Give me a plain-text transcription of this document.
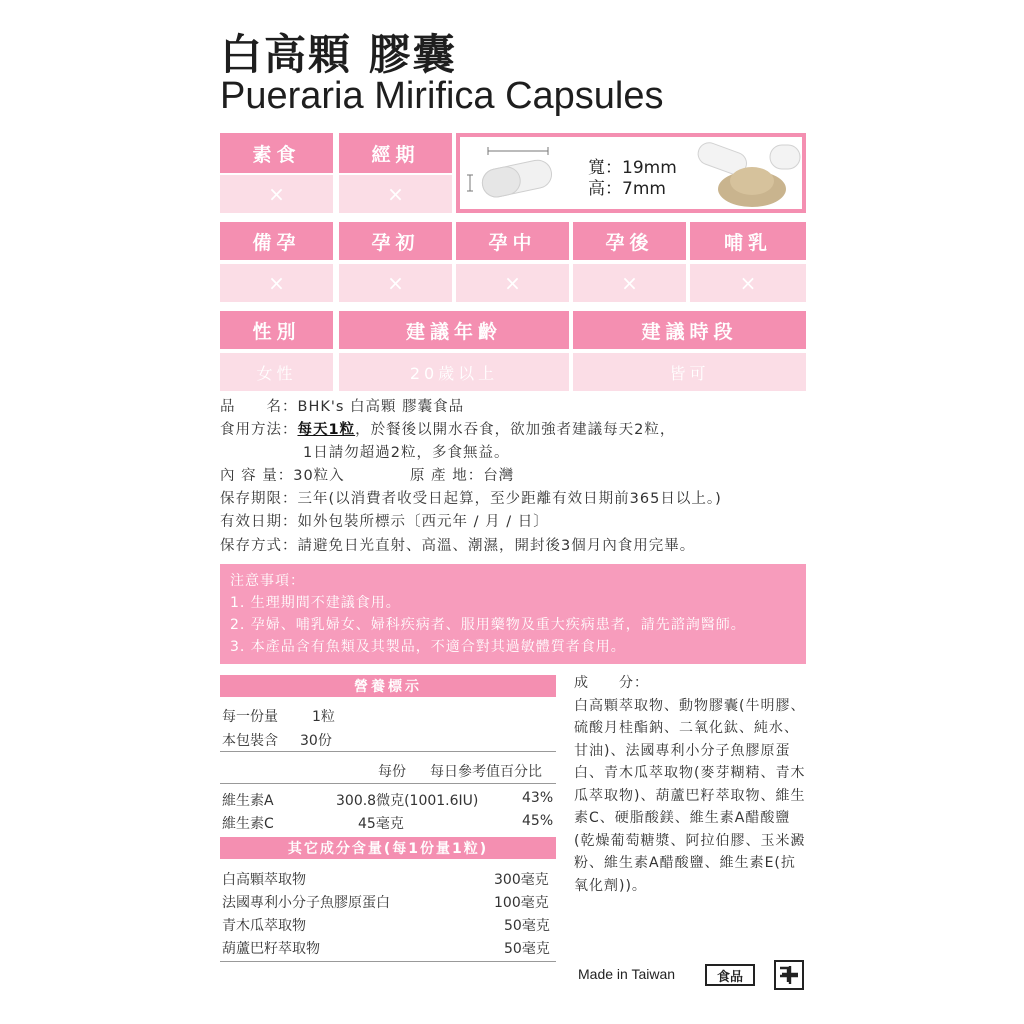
白高顆 膠囊
Pueraria Mirifica Capsules
素食	經期
×	×
寬：19mm
高：7mm
備孕	孕初	孕中	孕後	哺乳
×	×	×	×	×
性別	建議年齡	建議時段
女性	20歲以上	皆可
品　　名：BHK's 白高顆 膠囊食品
食用方法：每天1粒，於餐後以開水吞食，欲加強者建議每天2粒，
1日請勿超過2粒，多食無益。
內 容 量：30粒入	原 產 地：台灣
保存期限：三年(以消費者收受日起算，至少距離有效日期前365日以上。)
有效日期：如外包裝所標示〔西元年 / 月 / 日〕
保存方式：請避免日光直射、高溫、潮濕，開封後3個月內食用完畢。
注意事項：
1. 生理期間不建議食用。
2. 孕婦、哺乳婦女、婦科疾病者、服用藥物及重大疾病患者，請先諮詢醫師。
3. 本產品含有魚類及其製品，不適合對其過敏體質者食用。
營養標示
每一份量 1粒
本包裝含 30份
每份 每日參考值百分比
維生素A	300.8微克(1001.6IU)	43%
維生素C	45毫克	45%
其它成分含量(每1份量1粒)
白高顆萃取物	300毫克
法國專利小分子魚膠原蛋白	100毫克
青木瓜萃取物	50毫克
葫蘆巴籽萃取物	50毫克
成　　分：
白高顆萃取物、動物膠囊(牛明膠、硫酸月桂酯鈉、二氧化鈦、純水、甘油)、法國專利小分子魚膠原蛋白、青木瓜萃取物(麥芽糊精、青木瓜萃取物)、葫蘆巴籽萃取物、維生素C、硬脂酸鎂、維生素A醋酸鹽(乾燥葡萄糖漿、阿拉伯膠、玉米澱粉、維生素A醋酸鹽、維生素E(抗氧化劑))。
Made in Taiwan	食品
